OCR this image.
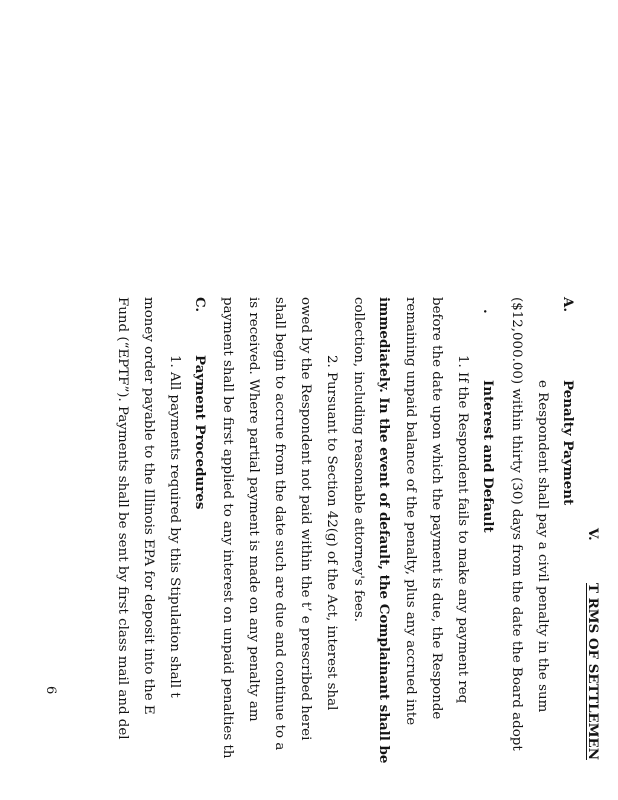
V.
T RMS OF SETTLEMEN
A.
Penalty Payment
e Respondent shall pay a civil penalty in the sum
($12,000.00) within thirty (30) days from the date the Board adopt
.
Interest and Default
1. If the Respondent fails to make any payment req
before the date upon which the payment is due, the Responde
remaining unpaid balance of the penalty, plus any accrued inte
immediately. In the event of default, the Complainant shall be
collection, including reasonable attorney's fees.
2. Pursuant to Section 42(g) of the Act, interest shal
owed by the Respondent not paid within the t’ e prescribed herei
shall begin to accrue from the date such are due and continue to a
is received. Where partial payment is made on any penalty am
payment shall be first applied to any interest on unpaid penalties th
C.
Payment Procedures
1. All payments required by this Stipulation shall t
money order payable to the Illinois EPA for deposit into the E
Fund (“EPTF”). Payments shall be sent by first class mail and del
6
